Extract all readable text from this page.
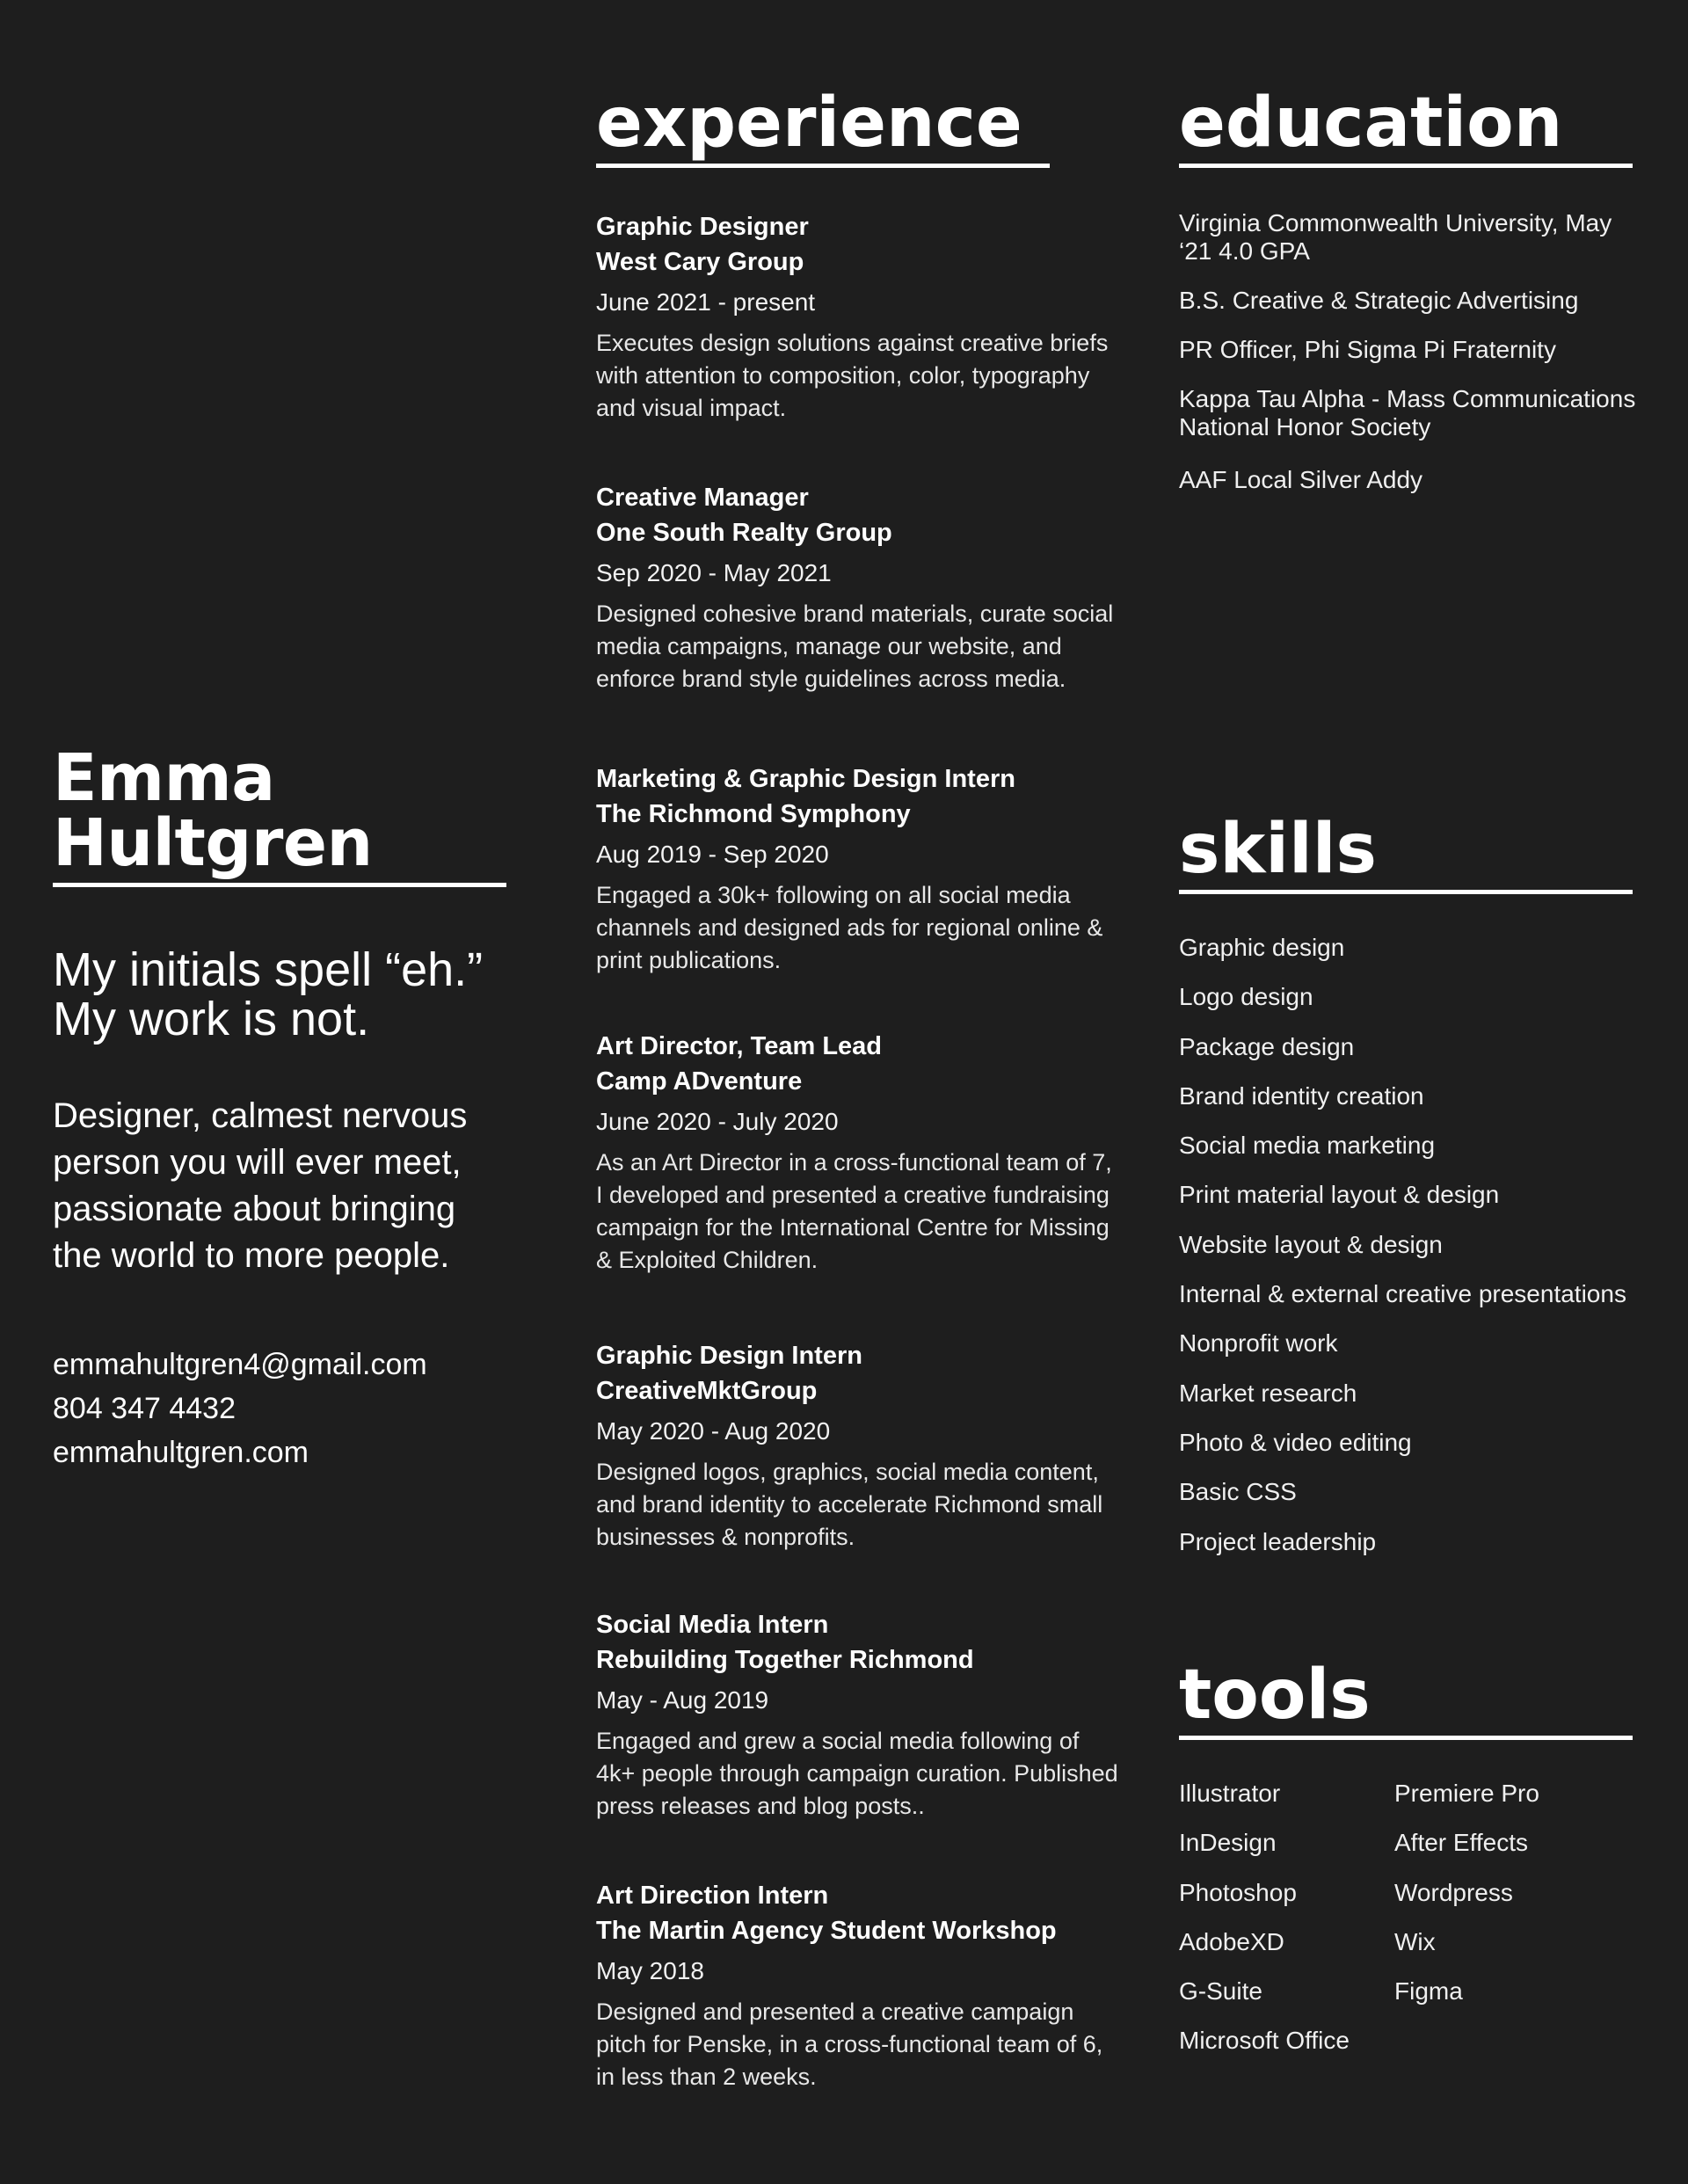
Emma
Hultgren
My initials spell “eh.”
My work is not.
Designer, calmest nervous person you will ever meet, passionate about bringing the world to more people.
emmahultgren4@gmail.com
804 347 4432
emmahultgren.com
experience
Graphic Designer
West Cary Group
June 2021 - present
Executes design solutions against creative briefs with attention to composition, color, typography and visual impact.
Creative Manager
One South Realty Group
Sep 2020 - May 2021
Designed cohesive brand materials, curate social media campaigns, manage our website, and enforce brand style guidelines across media.
Marketing & Graphic Design Intern
The Richmond Symphony
Aug 2019 - Sep 2020
Engaged a 30k+ following on all social media channels and designed ads for regional online & print publications.
Art Director, Team Lead
Camp ADventure
June 2020 - July 2020
As an Art Director in a cross-functional team of 7, I developed and presented a creative fundraising campaign for the International Centre for Missing & Exploited Children.
Graphic Design Intern
CreativeMktGroup
May 2020 - Aug 2020
Designed logos, graphics, social media content, and brand identity to accelerate Richmond small businesses & nonprofits.
Social Media Intern
Rebuilding Together Richmond
May - Aug 2019
Engaged and grew a social media following of 4k+ people through campaign curation. Published press releases and blog posts..
Art Direction Intern
The Martin Agency Student Workshop
May 2018
Designed and presented a creative campaign pitch for Penske, in a cross-functional team of 6, in less than 2 weeks.
education
Virginia Commonwealth University, May ‘21 4.0 GPA
B.S. Creative & Strategic Advertising
PR Officer, Phi Sigma Pi Fraternity
Kappa Tau Alpha - Mass Communications National Honor Society
AAF Local Silver Addy
skills
Graphic design
Logo design
Package design
Brand identity creation
Social media marketing
Print material layout & design
Website layout & design
Internal & external creative presentations
Nonprofit work
Market research
Photo & video editing
Basic CSS
Project leadership
tools
Illustrator
InDesign
Photoshop
AdobeXD
G-Suite
Microsoft Office
Premiere Pro
After Effects
Wordpress
Wix
Figma
